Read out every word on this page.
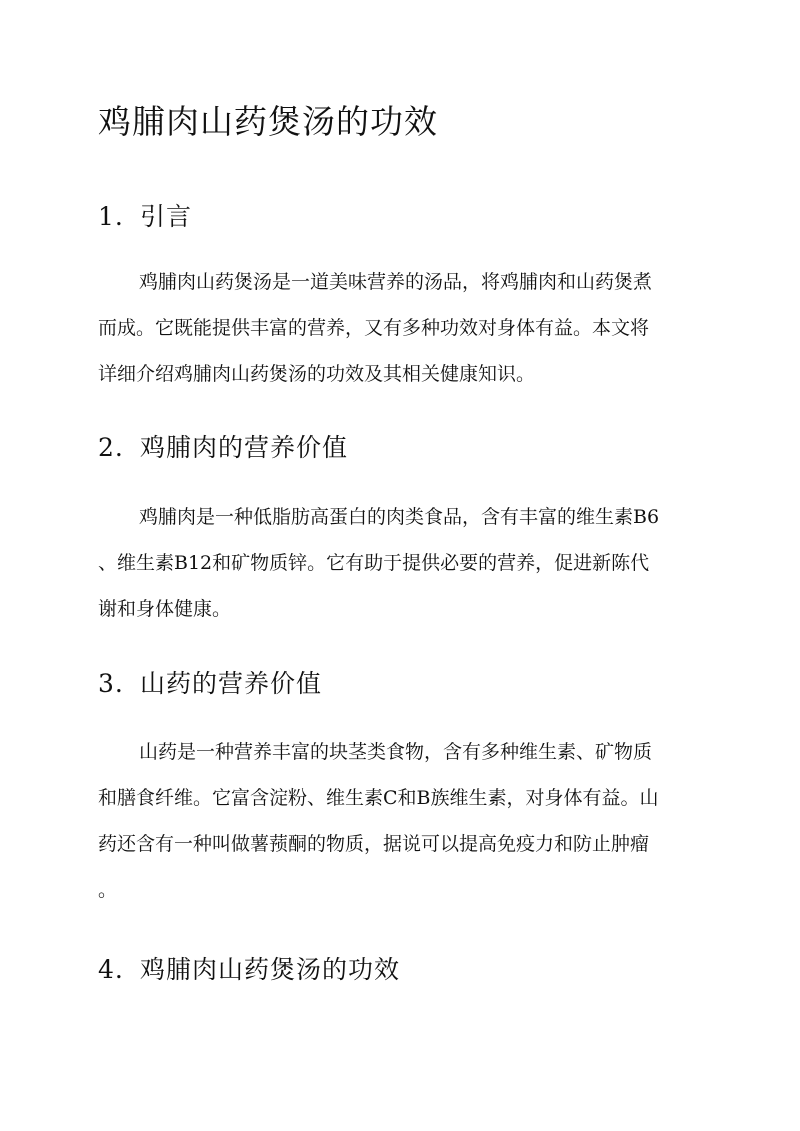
鸡脯肉山药煲汤的功效
1. 引言
鸡脯肉山药煲汤是一道美味营养的汤品，将鸡脯肉和山药煲煮
而成。它既能提供丰富的营养，又有多种功效对身体有益。本文将
详细介绍鸡脯肉山药煲汤的功效及其相关健康知识。
2. 鸡脯肉的营养价值
鸡脯肉是一种低脂肪高蛋白的肉类食品，含有丰富的维生素B6
、维生素B12和矿物质锌。它有助于提供必要的营养，促进新陈代
谢和身体健康。
3. 山药的营养价值
山药是一种营养丰富的块茎类食物，含有多种维生素、矿物质
和膳食纤维。它富含淀粉、维生素C和B族维生素，对身体有益。山
药还含有一种叫做薯蓣酮的物质，据说可以提高免疫力和防止肿瘤
。
4. 鸡脯肉山药煲汤的功效
